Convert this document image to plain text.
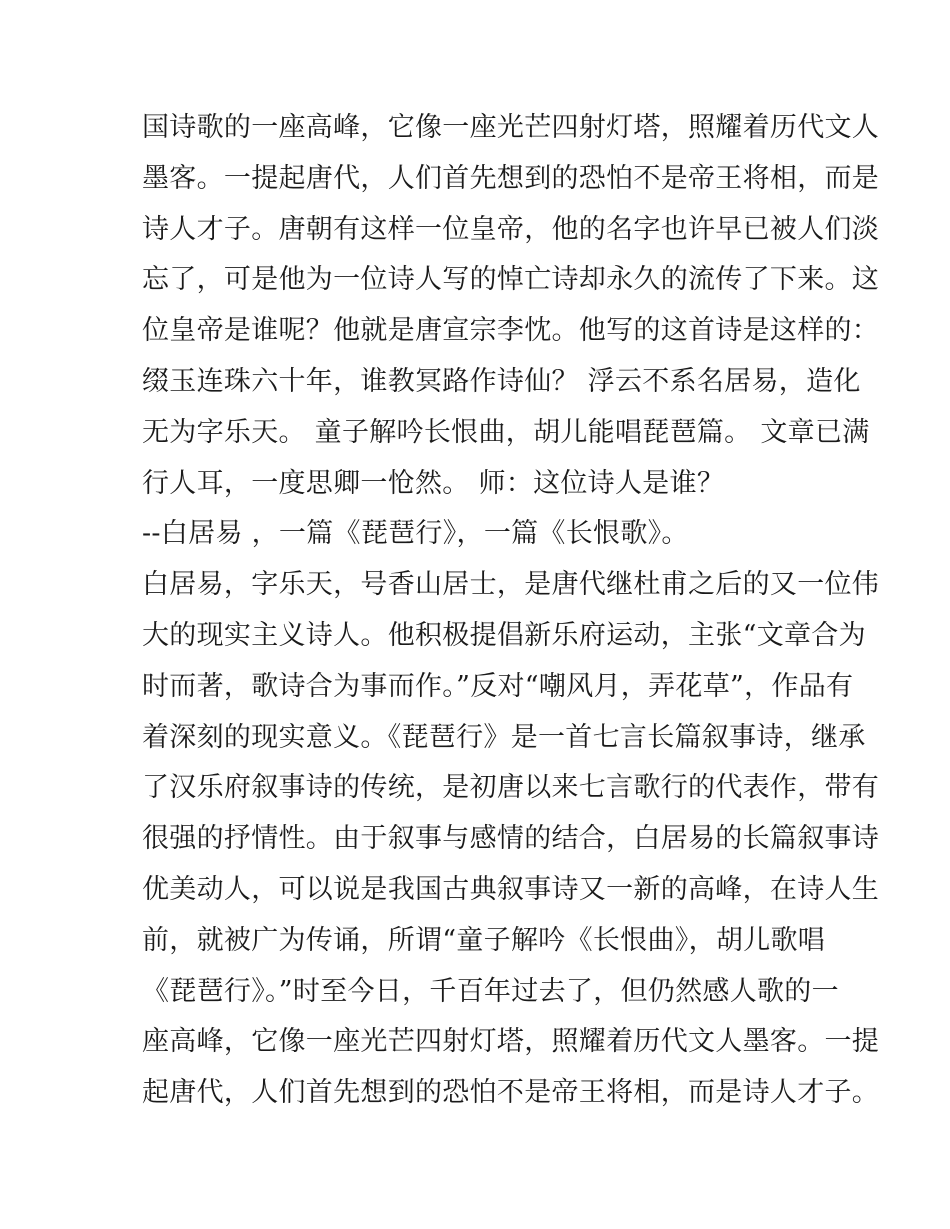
国诗歌的一座高峰，它像一座光芒四射灯塔，照耀着历代文人
墨客。一提起唐代，人们首先想到的恐怕不是帝王将相，而是
诗人才子。唐朝有这样一位皇帝，他的名字也许早已被人们淡
忘了，可是他为一位诗人写的悼亡诗却永久的流传了下来。这
位皇帝是谁呢？他就是唐宣宗李忱。他写的这首诗是这样的：
缀玉连珠六十年，谁教冥路作诗仙？ 浮云不系名居易，造化
无为字乐天。 童子解吟长恨曲，胡儿能唱琵琶篇。 文章已满
行人耳，一度思卿一怆然。 师：这位诗人是谁？
--白居易 ，一篇《琵琶行》，一篇《长恨歌》。
白居易，字乐天，号香山居士，是唐代继杜甫之后的又一位伟
大的现实主义诗人。他积极提倡新乐府运动，主张“文章合为
时而著，歌诗合为事而作。”反对“嘲风月，弄花草”，作品有
着深刻的现实意义。《琵琶行》是一首七言长篇叙事诗，继承
了汉乐府叙事诗的传统，是初唐以来七言歌行的代表作，带有
很强的抒情性。由于叙事与感情的结合，白居易的长篇叙事诗
优美动人，可以说是我国古典叙事诗又一新的高峰，在诗人生
前，就被广为传诵，所谓“童子解吟《长恨曲》，胡儿歌唱
《琵琶行》。”时至今日，千百年过去了，但仍然感人歌的一
座高峰，它像一座光芒四射灯塔，照耀着历代文人墨客。一提
起唐代，人们首先想到的恐怕不是帝王将相，而是诗人才子。
